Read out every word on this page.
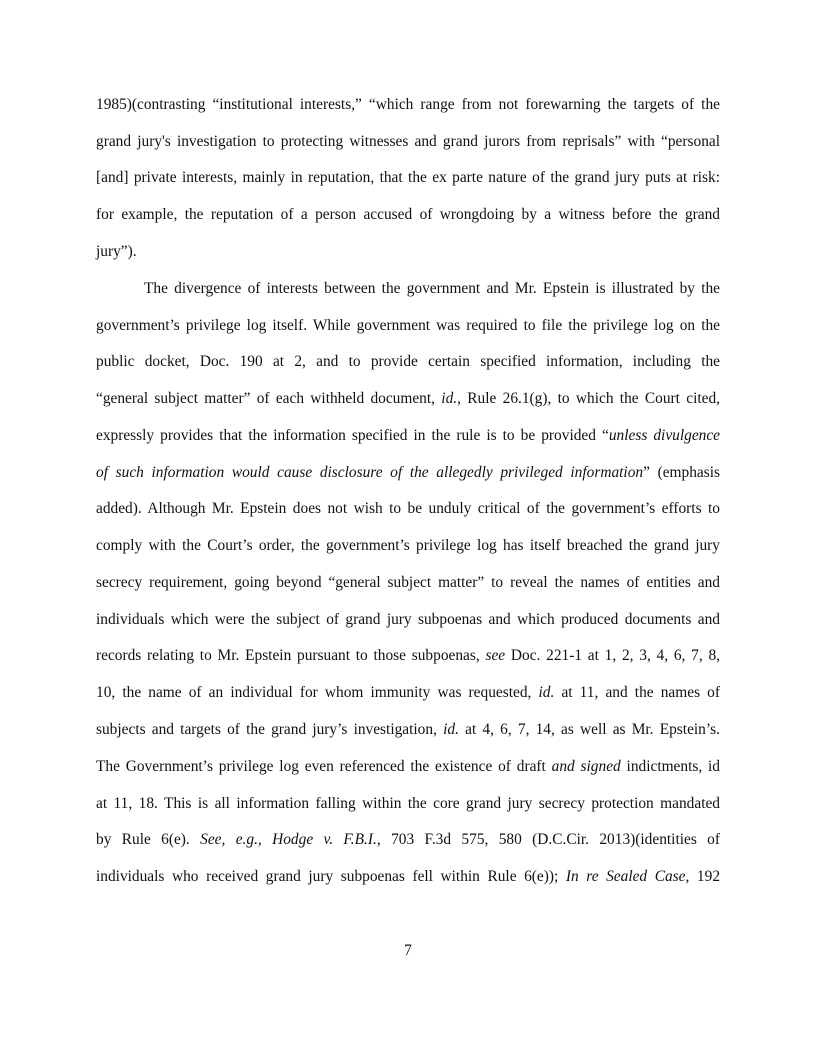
1985)(contrasting “institutional interests,” “which range from not forewarning the targets of the
grand jury's investigation to protecting witnesses and grand jurors from reprisals” with “personal
[and] private interests, mainly in reputation, that the ex parte nature of the grand jury puts at risk:
for example, the reputation of a person accused of wrongdoing by a witness before the grand
jury”).
The divergence of interests between the government and Mr. Epstein is illustrated by the
government’s privilege log itself. While government was required to file the privilege log on the
public docket, Doc. 190 at 2, and to provide certain specified information, including the
“general subject matter” of each withheld document, id., Rule 26.1(g), to which the Court cited,
expressly provides that the information specified in the rule is to be provided “unless divulgence
of such information would cause disclosure of the allegedly privileged information” (emphasis
added). Although Mr. Epstein does not wish to be unduly critical of the government’s efforts to
comply with the Court’s order, the government’s privilege log has itself breached the grand jury
secrecy requirement, going beyond “general subject matter” to reveal the names of entities and
individuals which were the subject of grand jury subpoenas and which produced documents and
records relating to Mr. Epstein pursuant to those subpoenas, see Doc. 221-1 at 1, 2, 3, 4, 6, 7, 8,
10, the name of an individual for whom immunity was requested, id. at 11, and the names of
subjects and targets of the grand jury’s investigation, id. at 4, 6, 7, 14, as well as Mr. Epstein’s.
The Government’s privilege log even referenced the existence of draft and signed indictments, id
at 11, 18. This is all information falling within the core grand jury secrecy protection mandated
by Rule 6(e). See, e.g., Hodge v. F.B.I., 703 F.3d 575, 580 (D.C.Cir. 2013)(identities of
individuals who received grand jury subpoenas fell within Rule 6(e)); In re Sealed Case, 192
7
